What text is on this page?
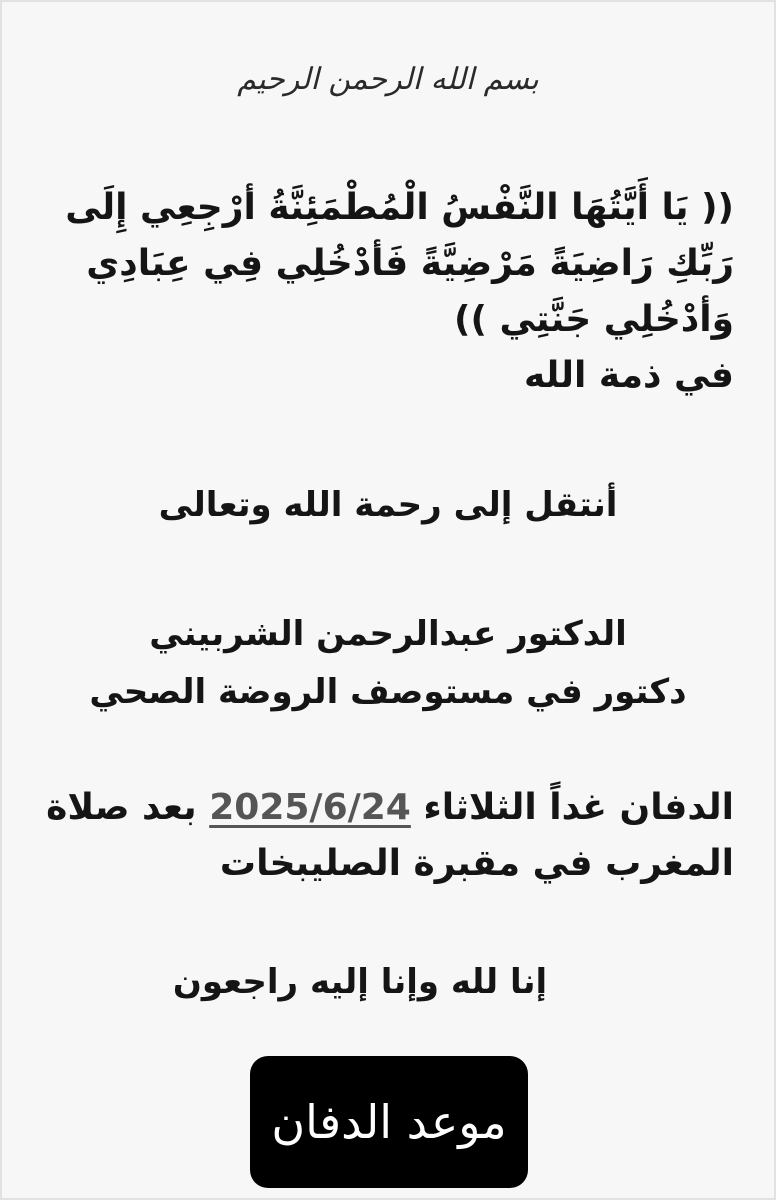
بسم الله الرحمن الرحيم
(( يَا أَيَّتُهَا النَّفْسُ الْمُطْمَئِنَّةُ أرْجِعِي إِلَى
رَبِّكِ رَاضِيَةً مَرْضِيَّةً فَأدْخُلِي فِي عِبَادِي
وَأدْخُلِي جَنَّتِي ))
في ذمة الله
أنتقل إلى رحمة الله وتعالى
الدكتور عبدالرحمن الشربيني
دكتور في مستوصف الروضة الصحي
الدفان غداً الثلاثاء 2025/6/24 بعد صلاة
المغرب في مقبرة الصليبخات
إنا لله وإنا إليه راجعون
موعد الدفان
